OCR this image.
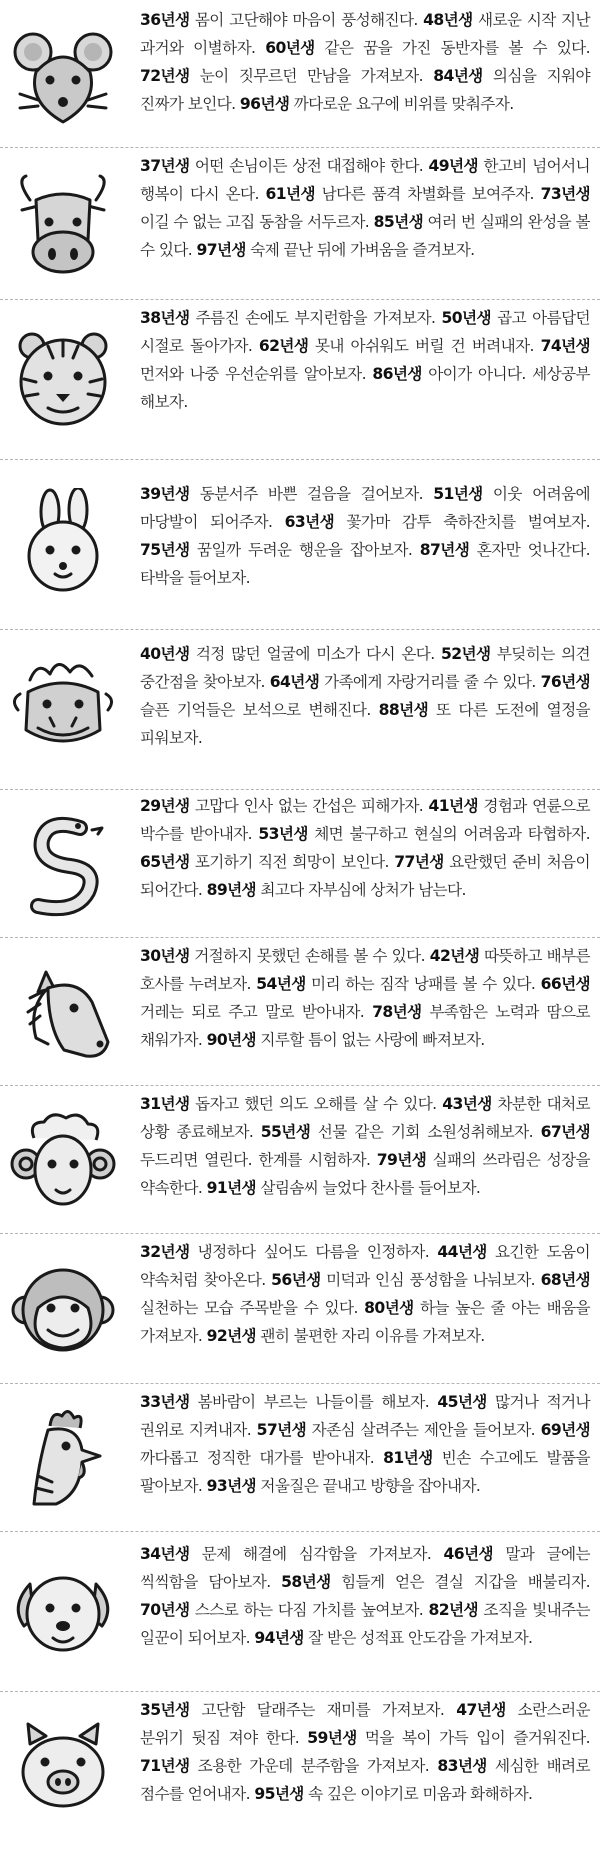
36년생 몸이 고단해야 마음이 풍성해진다. 48년생 새로운 시작 지난 과거와 이별하자. 60년생 같은 꿈을 가진 동반자를 볼 수 있다. 72년생 눈이 짓무르던 만남을 가져보자. 84년생 의심을 지워야 진짜가 보인다. 96년생 까다로운 요구에 비위를 맞춰주자.

37년생 어떤 손님이든 상전 대접해야 한다. 49년생 한고비 넘어서니 행복이 다시 온다. 61년생 남다른 품격 차별화를 보여주자. 73년생 이길 수 없는 고집 동참을 서두르자. 85년생 여러 번 실패의 완성을 볼 수 있다. 97년생 숙제 끝난 뒤에 가벼움을 즐겨보자.

38년생 주름진 손에도 부지런함을 가져보자. 50년생 곱고 아름답던 시절로 돌아가자. 62년생 못내 아쉬워도 버릴 건 버려내자. 74년생 먼저와 나중 우선순위를 알아보자. 86년생 아이가 아니다. 세상공부 해보자.

39년생 동분서주 바쁜 걸음을 걸어보자. 51년생 이웃 어려움에 마당발이 되어주자. 63년생 꽃가마 감투 축하잔치를 벌여보자. 75년생 꿈일까 두려운 행운을 잡아보자. 87년생 혼자만 엇나간다. 타박을 들어보자.

40년생 걱정 많던 얼굴에 미소가 다시 온다. 52년생 부딪히는 의견 중간점을 찾아보자. 64년생 가족에게 자랑거리를 줄 수 있다. 76년생 슬픈 기억들은 보석으로 변해진다. 88년생 또 다른 도전에 열정을 피워보자.

29년생 고맙다 인사 없는 간섭은 피해가자. 41년생 경험과 연륜으로 박수를 받아내자. 53년생 체면 불구하고 현실의 어려움과 타협하자. 65년생 포기하기 직전 희망이 보인다. 77년생 요란했던 준비 처음이 되어간다. 89년생 최고다 자부심에 상처가 남는다.

30년생 거절하지 못했던 손해를 볼 수 있다. 42년생 따뜻하고 배부른 호사를 누려보자. 54년생 미리 하는 짐작 낭패를 볼 수 있다. 66년생 거레는 되로 주고 말로 받아내자. 78년생 부족함은 노력과 땀으로 채워가자. 90년생 지루할 틈이 없는 사랑에 빠져보자.

31년생 돕자고 했던 의도 오해를 살 수 있다. 43년생 차분한 대처로 상황 종료해보자. 55년생 선물 같은 기회 소원성취해보자. 67년생 두드리면 열린다. 한계를 시험하자. 79년생 실패의 쓰라림은 성장을 약속한다. 91년생 살림솜씨 늘었다 찬사를 들어보자.

32년생 냉정하다 싶어도 다름을 인정하자. 44년생 요긴한 도움이 약속처럼 찾아온다. 56년생 미덕과 인심 풍성함을 나눠보자. 68년생 실천하는 모습 주목받을 수 있다. 80년생 하늘 높은 줄 아는 배움을 가져보자. 92년생 괜히 불편한 자리 이유를 가져보자.

33년생 봄바람이 부르는 나들이를 해보자. 45년생 많거나 적거나 권위로 지켜내자. 57년생 자존심 살려주는 제안을 들어보자. 69년생 까다롭고 정직한 대가를 받아내자. 81년생 빈손 수고에도 발품을 팔아보자. 93년생 저울질은 끝내고 방향을 잡아내자.

34년생 문제 해결에 심각함을 가져보자. 46년생 말과 글에는 씩씩함을 담아보자. 58년생 힘들게 얻은 결실 지갑을 배불리자. 70년생 스스로 하는 다짐 가치를 높여보자. 82년생 조직을 빛내주는 일꾼이 되어보자. 94년생 잘 받은 성적표 안도감을 가져보자.

35년생 고단함 달래주는 재미를 가져보자. 47년생 소란스러운 분위기 뒷짐 져야 한다. 59년생 먹을 복이 가득 입이 즐거워진다. 71년생 조용한 가운데 분주함을 가져보자. 83년생 세심한 배려로 점수를 얻어내자. 95년생 속 깊은 이야기로 미움과 화해하자.
